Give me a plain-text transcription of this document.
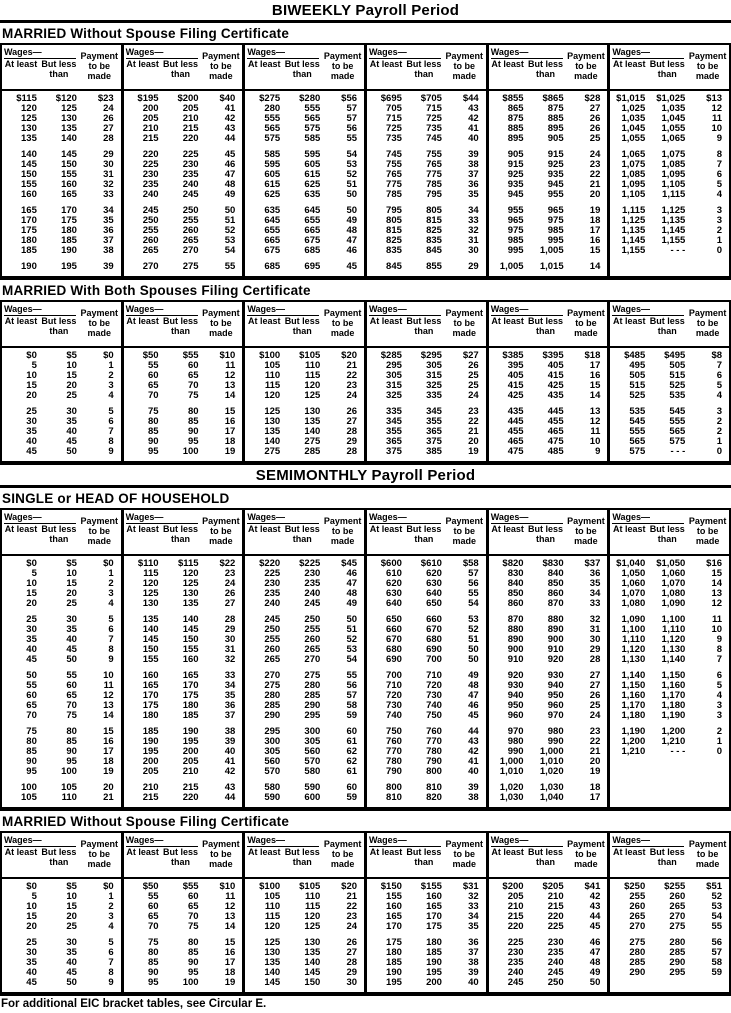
BIWEEKLY Payroll Period
MARRIED Without Spouse Filing Certificate
Wages—
At least But less than
Payment to be made
$115	$120	$23
120	125	24
125	130	26
130	135	27
135	140	28
140	145	29
145	150	30
150	155	31
155	160	32
160	165	33
165	170	34
170	175	35
175	180	36
180	185	37
185	190	38
190	195	39
Wages—
At least But less than
Payment to be made
$195	$200	$40
200	205	41
205	210	42
210	215	43
215	220	44
220	225	45
225	230	46
230	235	47
235	240	48
240	245	49
245	250	50
250	255	51
255	260	52
260	265	53
265	270	54
270	275	55
Wages—
At least But less than
Payment to be made
$275	$280	$56
280	555	57
555	565	57
565	575	56
575	585	55
585	595	54
595	605	53
605	615	52
615	625	51
625	635	50
635	645	50
645	655	49
655	665	48
665	675	47
675	685	46
685	695	45
Wages—
At least But less than
Payment to be made
$695	$705	$44
705	715	43
715	725	42
725	735	41
735	745	40
745	755	39
755	765	38
765	775	37
775	785	36
785	795	35
795	805	34
805	815	33
815	825	32
825	835	31
835	845	30
845	855	29
Wages—
At least But less than
Payment to be made
$855	$865	$28
865	875	27
875	885	26
885	895	26
895	905	25
905	915	24
915	925	23
925	935	22
935	945	21
945	955	20
955	965	19
965	975	18
975	985	17
985	995	16
995	1,005	15
1,005	1,015	14
Wages—
At least But less than
Payment to be made
$1,015	$1,025	$13
1,025	1,035	12
1,035	1,045	11
1,045	1,055	10
1,055	1,065	9
1,065	1,075	8
1,075	1,085	7
1,085	1,095	6
1,095	1,105	5
1,105	1,115	4
1,115	1,125	3
1,125	1,135	3
1,135	1,145	2
1,145	1,155	1
1,155	- - -	0
MARRIED With Both Spouses Filing Certificate
Wages—
At least But less than
Payment to be made
$0	$5	$0
5	10	1
10	15	2
15	20	3
20	25	4
25	30	5
30	35	6
35	40	7
40	45	8
45	50	9
Wages—
At least But less than
Payment to be made
$50	$55	$10
55	60	11
60	65	12
65	70	13
70	75	14
75	80	15
80	85	16
85	90	17
90	95	18
95	100	19
Wages—
At least But less than
Payment to be made
$100	$105	$20
105	110	21
110	115	22
115	120	23
120	125	24
125	130	26
130	135	27
135	140	28
140	275	29
275	285	28
Wages—
At least But less than
Payment to be made
$285	$295	$27
295	305	26
305	315	25
315	325	25
325	335	24
335	345	23
345	355	22
355	365	21
365	375	20
375	385	19
Wages—
At least But less than
Payment to be made
$385	$395	$18
395	405	17
405	415	16
415	425	15
425	435	14
435	445	13
445	455	12
455	465	11
465	475	10
475	485	9
Wages—
At least But less than
Payment to be made
$485	$495	$8
495	505	7
505	515	6
515	525	5
525	535	4
535	545	3
545	555	2
555	565	2
565	575	1
575	- - -	0
SEMIMONTHLY Payroll Period
SINGLE or HEAD OF HOUSEHOLD
Wages—
At least But less than
Payment to be made
$0	$5	$0
5	10	1
10	15	2
15	20	3
20	25	4
25	30	5
30	35	6
35	40	7
40	45	8
45	50	9
50	55	10
55	60	11
60	65	12
65	70	13
70	75	14
75	80	15
80	85	16
85	90	17
90	95	18
95	100	19
100	105	20
105	110	21
Wages—
At least But less than
Payment to be made
$110	$115	$22
115	120	23
120	125	24
125	130	26
130	135	27
135	140	28
140	145	29
145	150	30
150	155	31
155	160	32
160	165	33
165	170	34
170	175	35
175	180	36
180	185	37
185	190	38
190	195	39
195	200	40
200	205	41
205	210	42
210	215	43
215	220	44
Wages—
At least But less than
Payment to be made
$220	$225	$45
225	230	46
230	235	47
235	240	48
240	245	49
245	250	50
250	255	51
255	260	52
260	265	53
265	270	54
270	275	55
275	280	56
280	285	57
285	290	58
290	295	59
295	300	60
300	305	61
305	560	62
560	570	62
570	580	61
580	590	60
590	600	59
Wages—
At least But less than
Payment to be made
$600	$610	$58
610	620	57
620	630	56
630	640	55
640	650	54
650	660	53
660	670	52
670	680	51
680	690	50
690	700	50
700	710	49
710	720	48
720	730	47
730	740	46
740	750	45
750	760	44
760	770	43
770	780	42
780	790	41
790	800	40
800	810	39
810	820	38
Wages—
At least But less than
Payment to be made
$820	$830	$37
830	840	36
840	850	35
850	860	34
860	870	33
870	880	32
880	890	31
890	900	30
900	910	29
910	920	28
920	930	27
930	940	27
940	950	26
950	960	25
960	970	24
970	980	23
980	990	22
990	1,000	21
1,000	1,010	20
1,010	1,020	19
1,020	1,030	18
1,030	1,040	17
Wages—
At least But less than
Payment to be made
$1,040	$1,050	$16
1,050	1,060	15
1,060	1,070	14
1,070	1,080	13
1,080	1,090	12
1,090	1,100	11
1,100	1,110	10
1,110	1,120	9
1,120	1,130	8
1,130	1,140	7
1,140	1,150	6
1,150	1,160	5
1,160	1,170	4
1,170	1,180	3
1,180	1,190	3
1,190	1,200	2
1,200	1,210	1
1,210	- - -	0
MARRIED Without Spouse Filing Certificate
Wages—
At least But less than
Payment to be made
$0	$5	$0
5	10	1
10	15	2
15	20	3
20	25	4
25	30	5
30	35	6
35	40	7
40	45	8
45	50	9
Wages—
At least But less than
Payment to be made
$50	$55	$10
55	60	11
60	65	12
65	70	13
70	75	14
75	80	15
80	85	16
85	90	17
90	95	18
95	100	19
Wages—
At least But less than
Payment to be made
$100	$105	$20
105	110	21
110	115	22
115	120	23
120	125	24
125	130	26
130	135	27
135	140	28
140	145	29
145	150	30
Wages—
At least But less than
Payment to be made
$150	$155	$31
155	160	32
160	165	33
165	170	34
170	175	35
175	180	36
180	185	37
185	190	38
190	195	39
195	200	40
Wages—
At least But less than
Payment to be made
$200	$205	$41
205	210	42
210	215	43
215	220	44
220	225	45
225	230	46
230	235	47
235	240	48
240	245	49
245	250	50
Wages—
At least But less than
Payment to be made
$250	$255	$51
255	260	52
260	265	53
265	270	54
270	275	55
275	280	56
280	285	57
285	290	58
290	295	59
For additional EIC bracket tables, see Circular E.
